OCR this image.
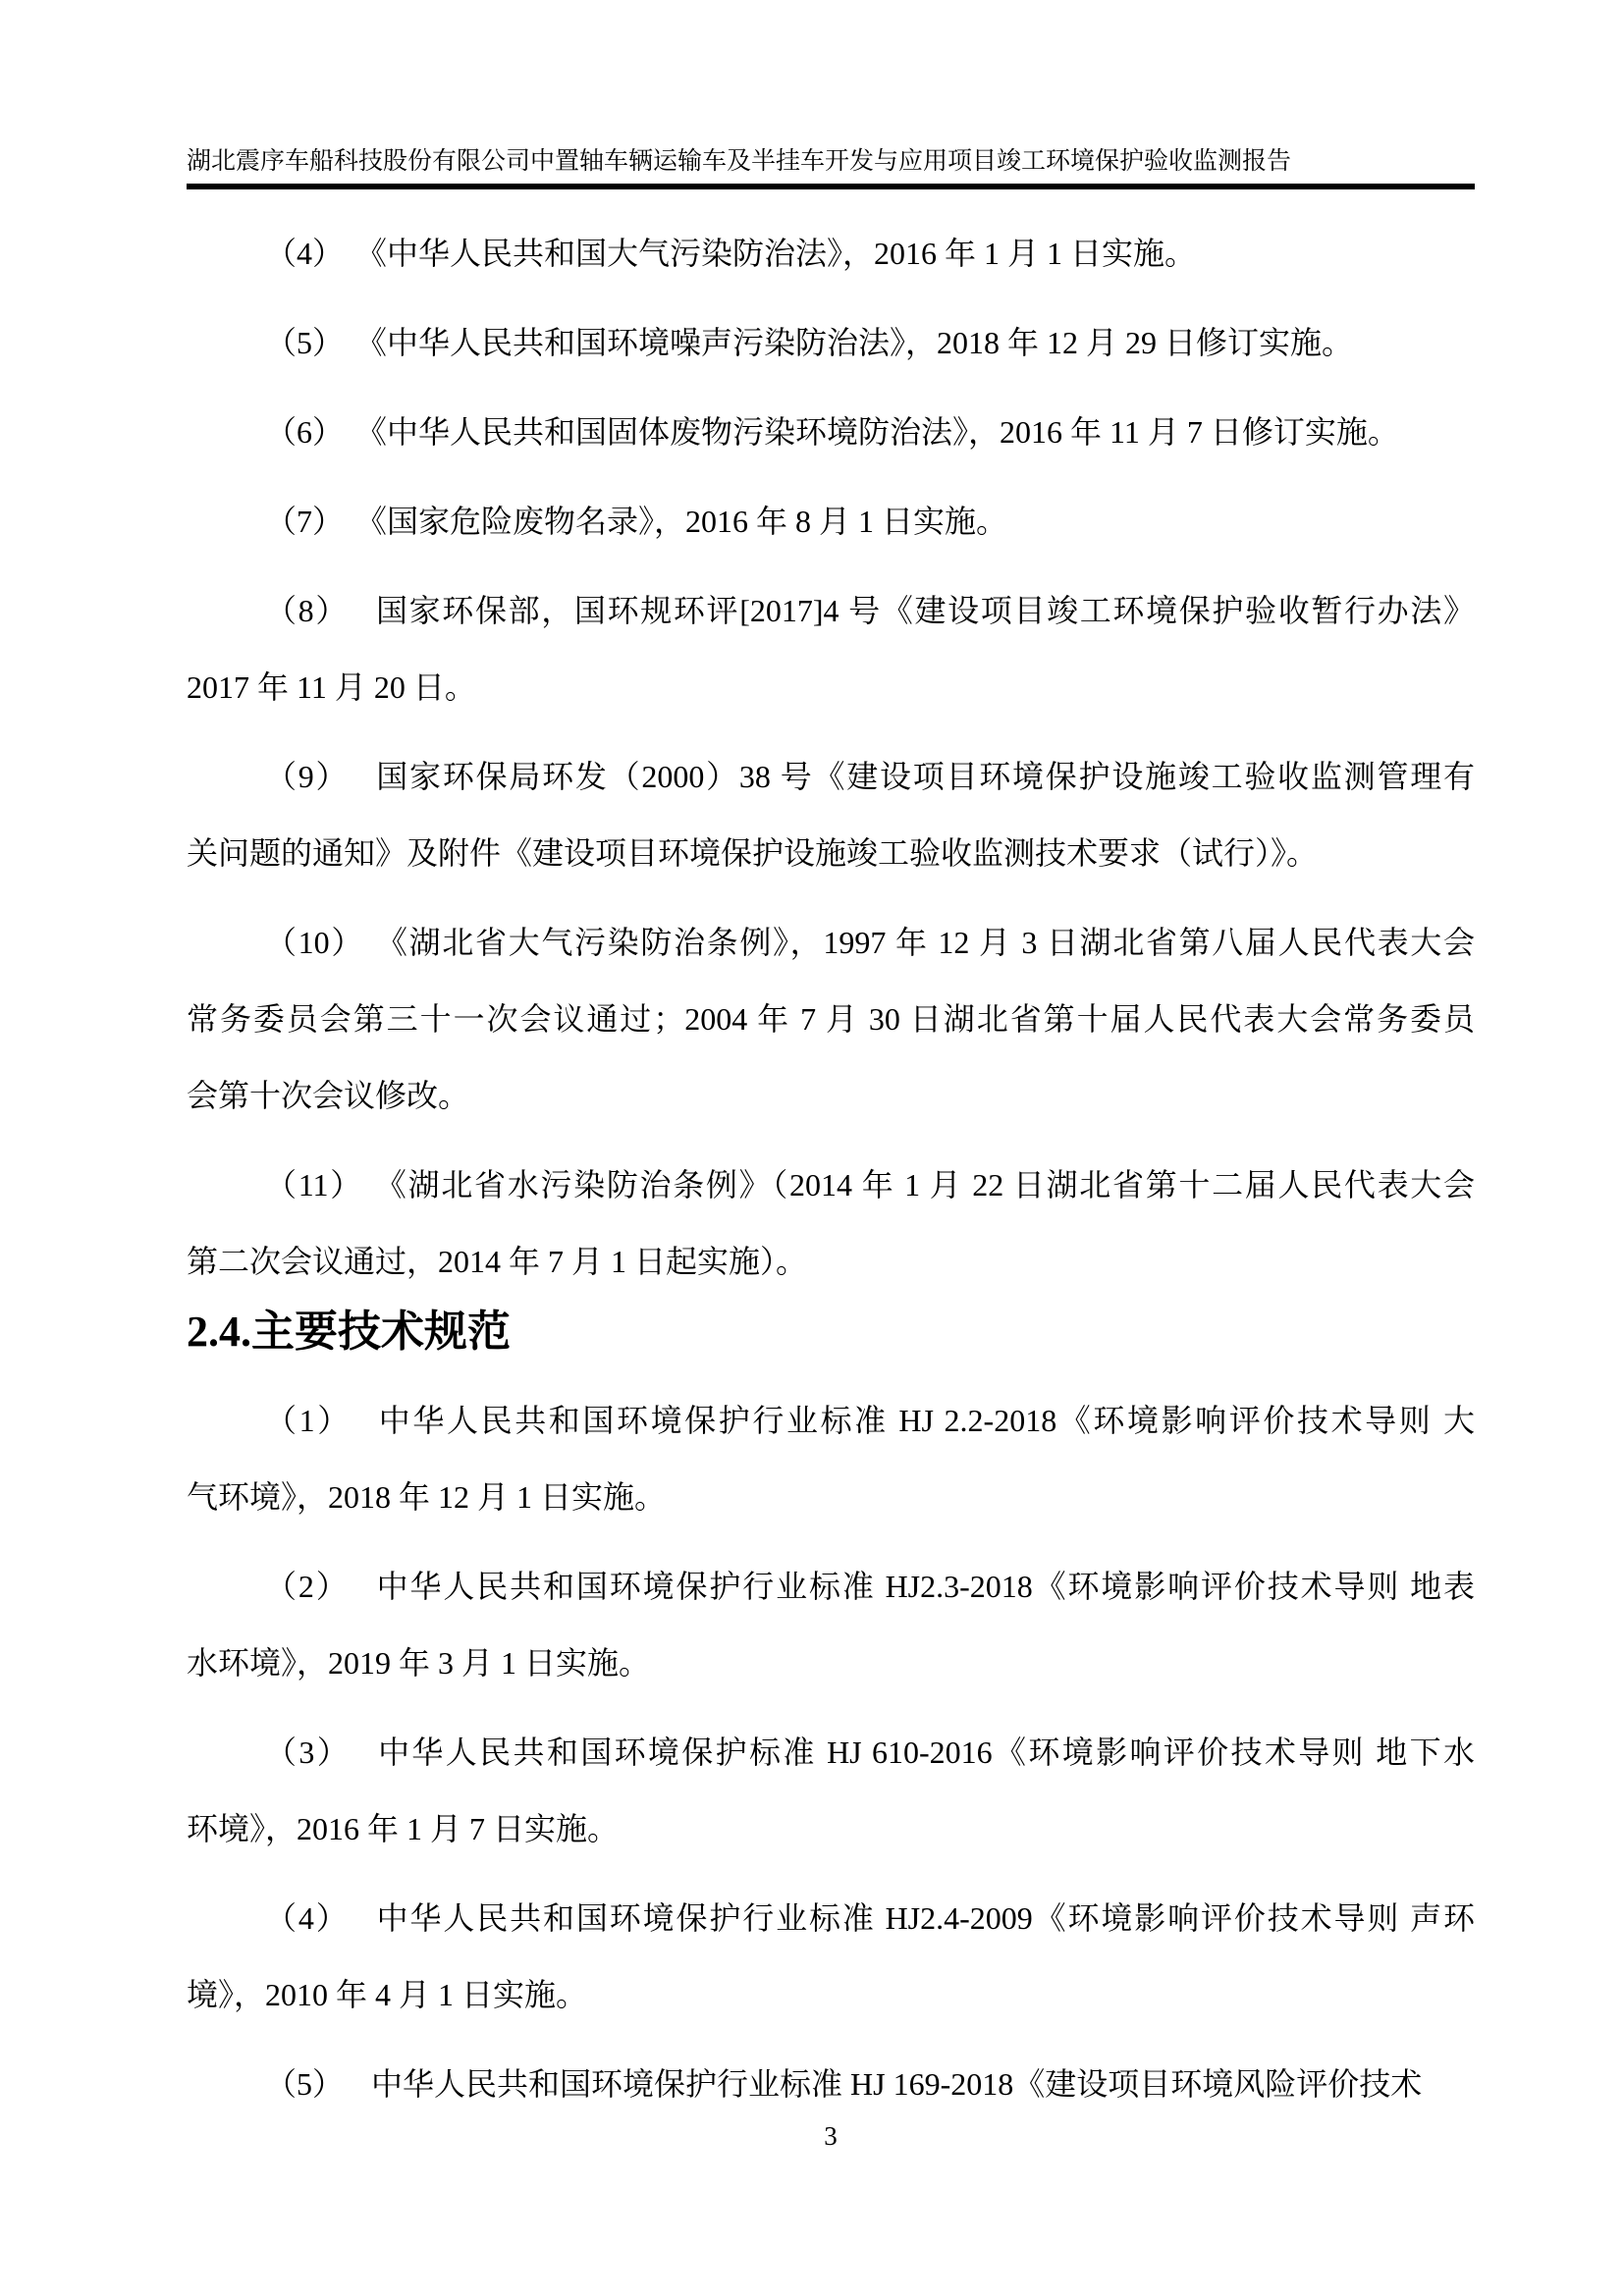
湖北震序车船科技股份有限公司中置轴车辆运输车及半挂车开发与应用项目竣工环境保护验收监测报告

（4） 《中华人民共和国大气污染防治法》，2016 年 1 月 1 日实施。

（5） 《中华人民共和国环境噪声污染防治法》，2018 年 12 月 29 日修订实施。

（6） 《中华人民共和国固体废物污染环境防治法》，2016 年 11 月 7 日修订实施。

（7） 《国家危险废物名录》，2016 年 8 月 1 日实施。

（8） 国家环保部，国环规环评[2017]4 号《建设项目竣工环境保护验收暂行办法》
2017 年 11 月 20 日。

（9） 国家环保局环发（2000）38 号《建设项目环境保护设施竣工验收监测管理有
关问题的通知》及附件《建设项目环境保护设施竣工验收监测技术要求（试行）》。

（10） 《湖北省大气污染防治条例》，1997 年 12 月 3 日湖北省第八届人民代表大会
常务委员会第三十一次会议通过；2004 年 7 月 30 日湖北省第十届人民代表大会常务委员
会第十次会议修改。

（11） 《湖北省水污染防治条例》（2014 年 1 月 22 日湖北省第十二届人民代表大会
第二次会议通过，2014 年 7 月 1 日起实施）。

2.4.主要技术规范

（1） 中华人民共和国环境保护行业标准 HJ 2.2-2018《环境影响评价技术导则 大
气环境》，2018 年 12 月 1 日实施。

（2） 中华人民共和国环境保护行业标准 HJ2.3-2018《环境影响评价技术导则 地表
水环境》，2019 年 3 月 1 日实施。

（3） 中华人民共和国环境保护标准 HJ 610-2016《环境影响评价技术导则 地下水
环境》，2016 年 1 月 7 日实施。

（4） 中华人民共和国环境保护行业标准 HJ2.4-2009《环境影响评价技术导则 声环
境》，2010 年 4 月 1 日实施。

（5） 中华人民共和国环境保护行业标准 HJ 169-2018《建设项目环境风险评价技术

3
